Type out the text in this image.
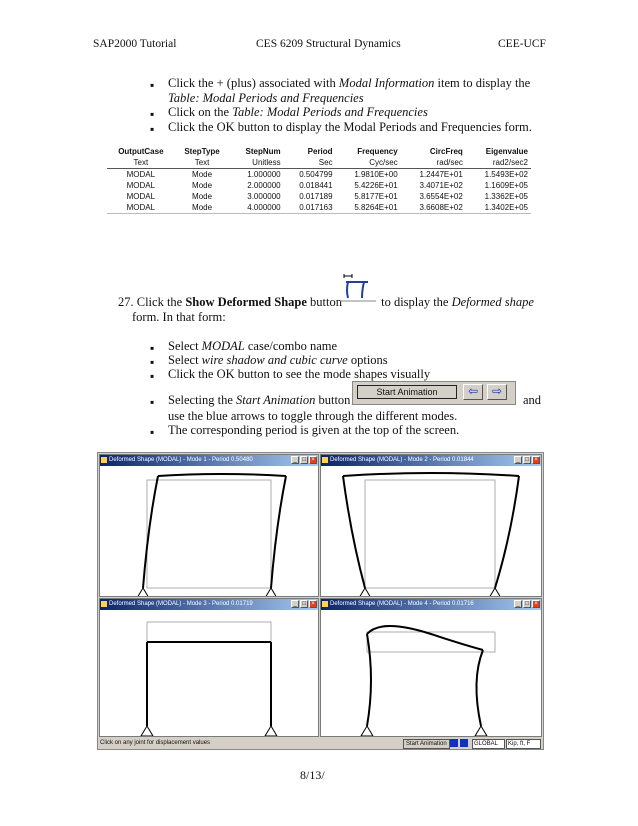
SAP2000 Tutorial	CES 6209 Structural Dynamics	CEE-UCF
▪ Click the + (plus) associated with Modal Information item to display the
Table: Modal Periods and Frequencies
▪ Click on the Table: Modal Periods and Frequencies
▪ Click the OK button to display the Modal Periods and Frequencies form.
OutputCase	StepType	StepNum	Period	Frequency	CircFreq	Eigenvalue
Text	Text	Unitless	Sec	Cyc/sec	rad/sec	rad2/sec2
MODAL	Mode	1.000000	0.504799	1.9810E+00	1.2447E+01	1.5493E+02
MODAL	Mode	2.000000	0.018441	5.4226E+01	3.4071E+02	1.1609E+05
MODAL	Mode	3.000000	0.017189	5.8177E+01	3.6554E+02	1.3362E+05
MODAL	Mode	4.000000	0.017163	5.8264E+01	3.6608E+02	1.3402E+05
27. Click the Show Deformed Shape button	to display the Deformed shape
form. In that form:
▪ Select MODAL case/combo name
▪ Select wire shadow and cubic curve options
▪ Click the OK button to see the mode shapes visually
▪ Selecting the Start Animation button	and
use the blue arrows to toggle through the different modes.
▪ The corresponding period is given at the top of the screen.
Start Animation	⇦	⇨
Deformed Shape (MODAL) - Mode 1 - Period 0.50480	_ □ ×	Deformed Shape (MODAL) - Mode 2 - Period 0.01844	_ □ ×
Deformed Shape (MODAL) - Mode 3 - Period 0.01719	_ □ ×	Deformed Shape (MODAL) - Mode 4 - Period 0.01716	_ □ ×
Click on any joint for displacement values	Start Animation	GLOBAL	Kip, ft, F
8/13/
